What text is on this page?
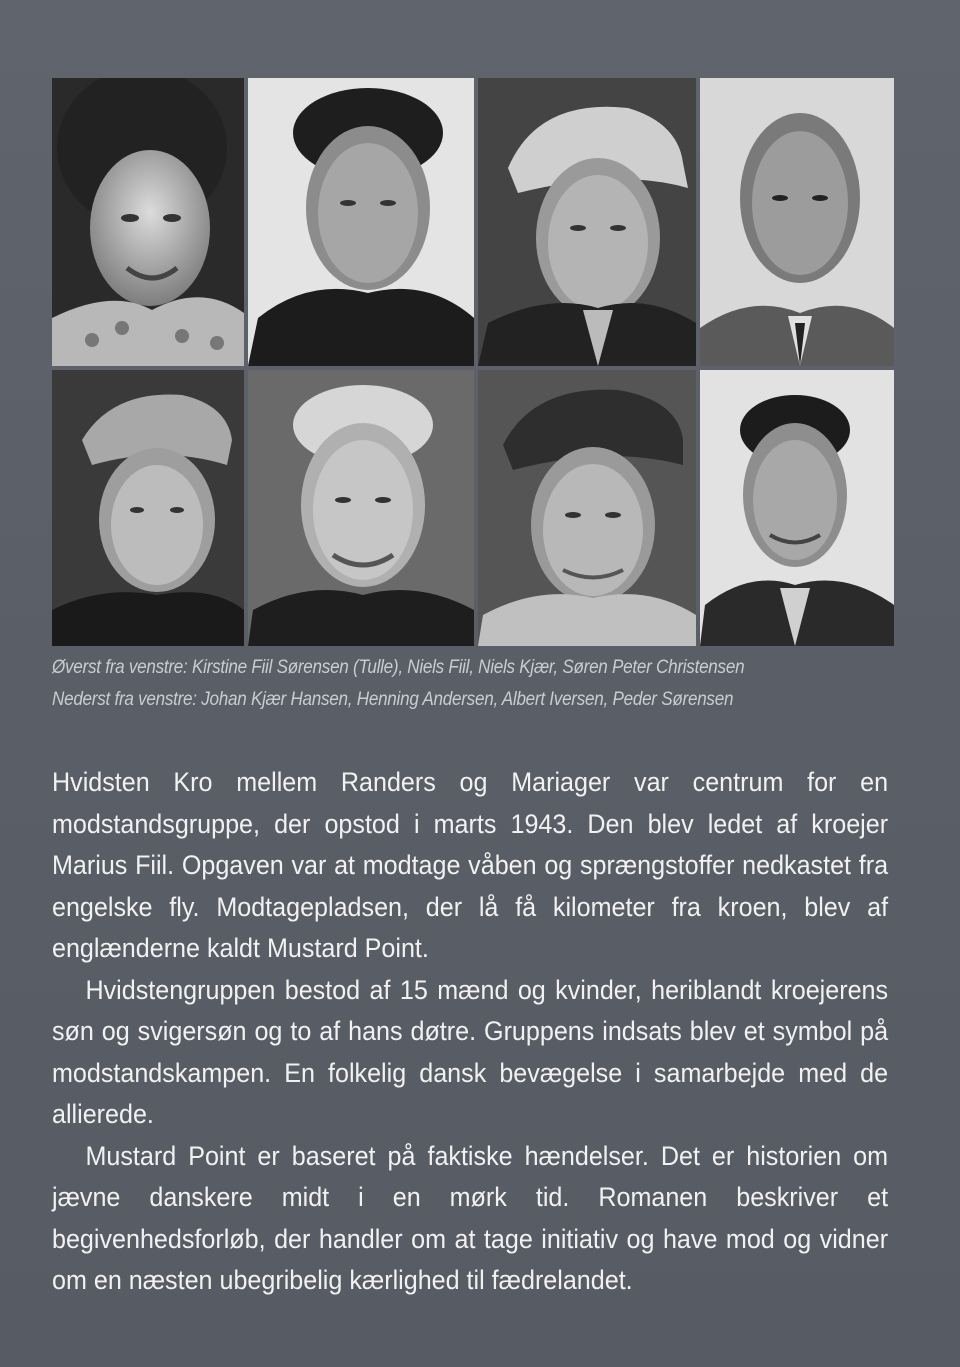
Øverst fra venstre: Kirstine Fiil Sørensen (Tulle), Niels Fiil, Niels Kjær, Søren Peter Christensen
Nederst fra venstre: Johan Kjær Hansen, Henning Andersen, Albert Iversen, Peder Sørensen

Hvidsten Kro mellem Randers og Mariager var centrum for en modstandsgruppe, der opstod i marts 1943. Den blev ledet af kroejer Marius Fiil. Opgaven var at modtage våben og sprængstoffer nedkastet fra engelske fly. Modtagepladsen, der lå få kilometer fra kroen, blev af englænderne kaldt Mustard Point.

Hvidstengruppen bestod af 15 mænd og kvinder, heriblandt kroejerens søn og svigersøn og to af hans døtre. Gruppens indsats blev et symbol på modstandskampen. En folkelig dansk bevægelse i samarbejde med de allierede.

Mustard Point er baseret på faktiske hændelser. Det er historien om jævne danskere midt i en mørk tid. Romanen beskriver et begivenhedsforløb, der handler om at tage initiativ og have mod og vidner om en næsten ubegribelig kærlighed til fædrelandet.
